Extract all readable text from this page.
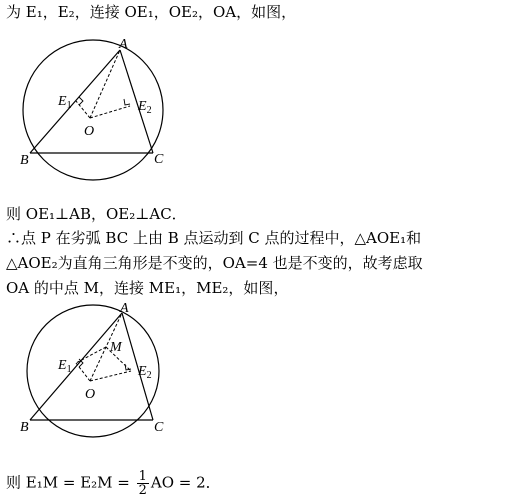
为 E₁，E₂，连接 OE₁，OE₂，OA，如图，
A
B	C
O
$E_1$	$E_2$
则 OE₁⊥AB，OE₂⊥AC．
∴点 P 在劣弧 BC 上由 B 点运动到 C 点的过程中，△AOE₁和
△AOE₂为直角三角形是不变的，OA=4 也是不变的，故考虑取
OA 的中点 M，连接 ME₁，ME₂，如图，
A
B	C
O
M
$E_1$	$E_2$
则 $E_1M = E_2M = \frac{1}{2}$ AO = 2．
